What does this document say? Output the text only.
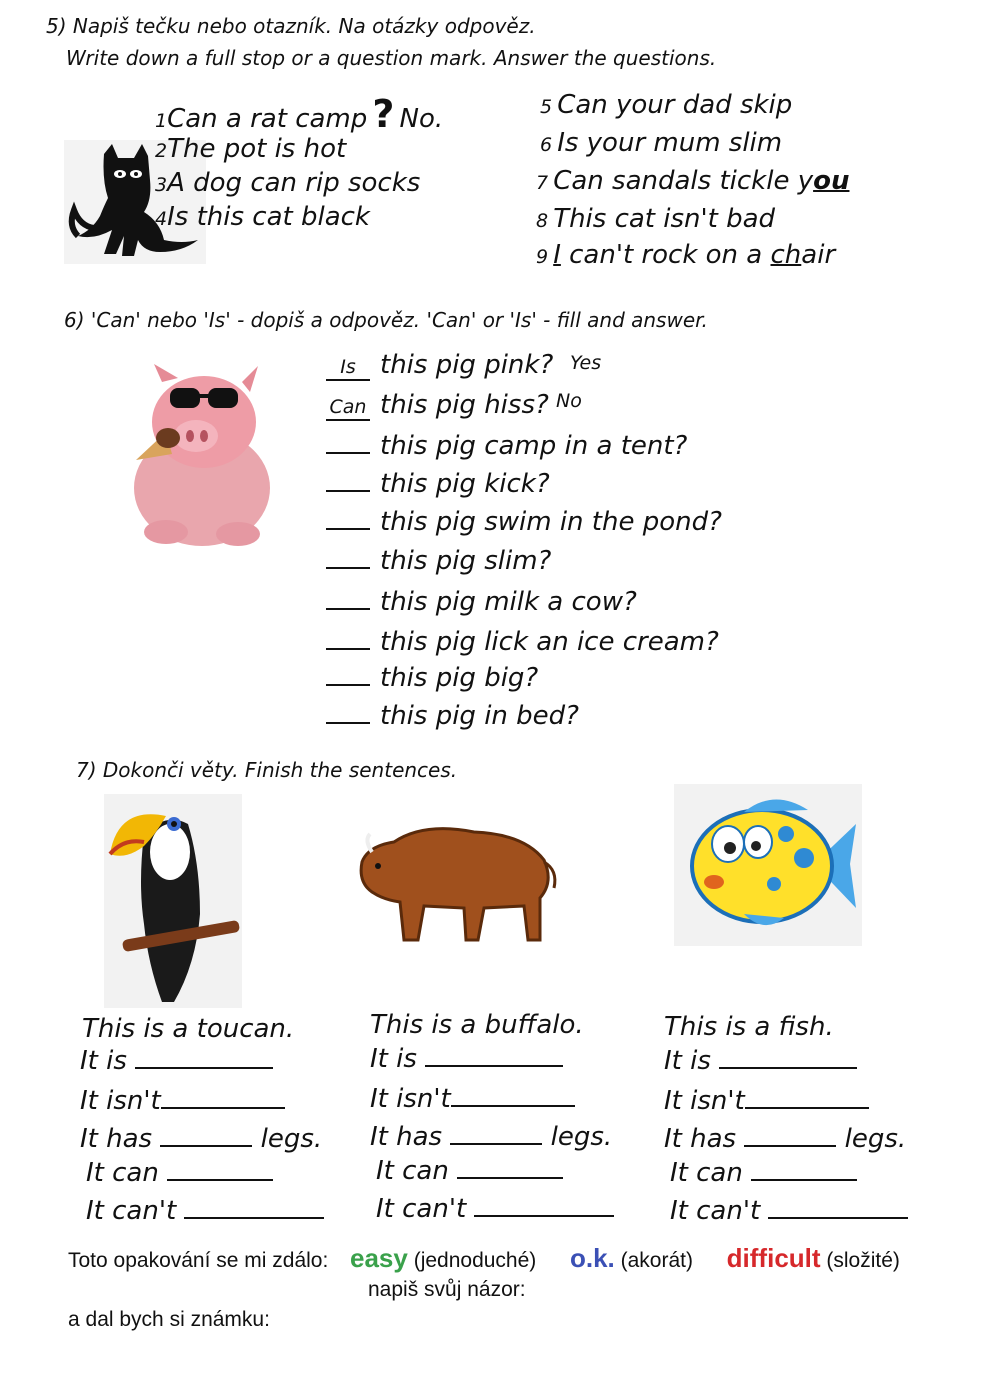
5) Napiš tečku nebo otazník. Na otázky odpověz.
Write down a full stop or a question mark. Answer the questions.
1Can a rat camp ? No.
2The pot is hot
3A dog can rip socks
4Is this cat black
5 Can your dad skip
6 Is your mum slim
7 Can sandals tickle you
8 This cat isn't bad
9 I can't rock on a chair
6) 'Can' nebo 'Is' - dopiš a odpověz. 'Can' or 'Is' - fill and answer.
Is this pig pink? Yes
Can this pig hiss? No
this pig camp in a tent?
this pig kick?
this pig swim in the pond?
this pig slim?
this pig milk a cow?
this pig lick an ice cream?
this pig big?
this pig in bed?
7) Dokonči věty. Finish the sentences.
This is a toucan.
It is
It isn't
It has	legs.
It can
It can't
This is a buffalo.
It is
It isn't
It has	legs.
It can
It can't
This is a fish.
It is
It isn't
It has	legs.
It can
It can't
Toto opakování se mi zdálo: easy (jednoduché) o.k. (akorát) difficult (složité)
napiš svůj názor:
a dal bych si známku:
